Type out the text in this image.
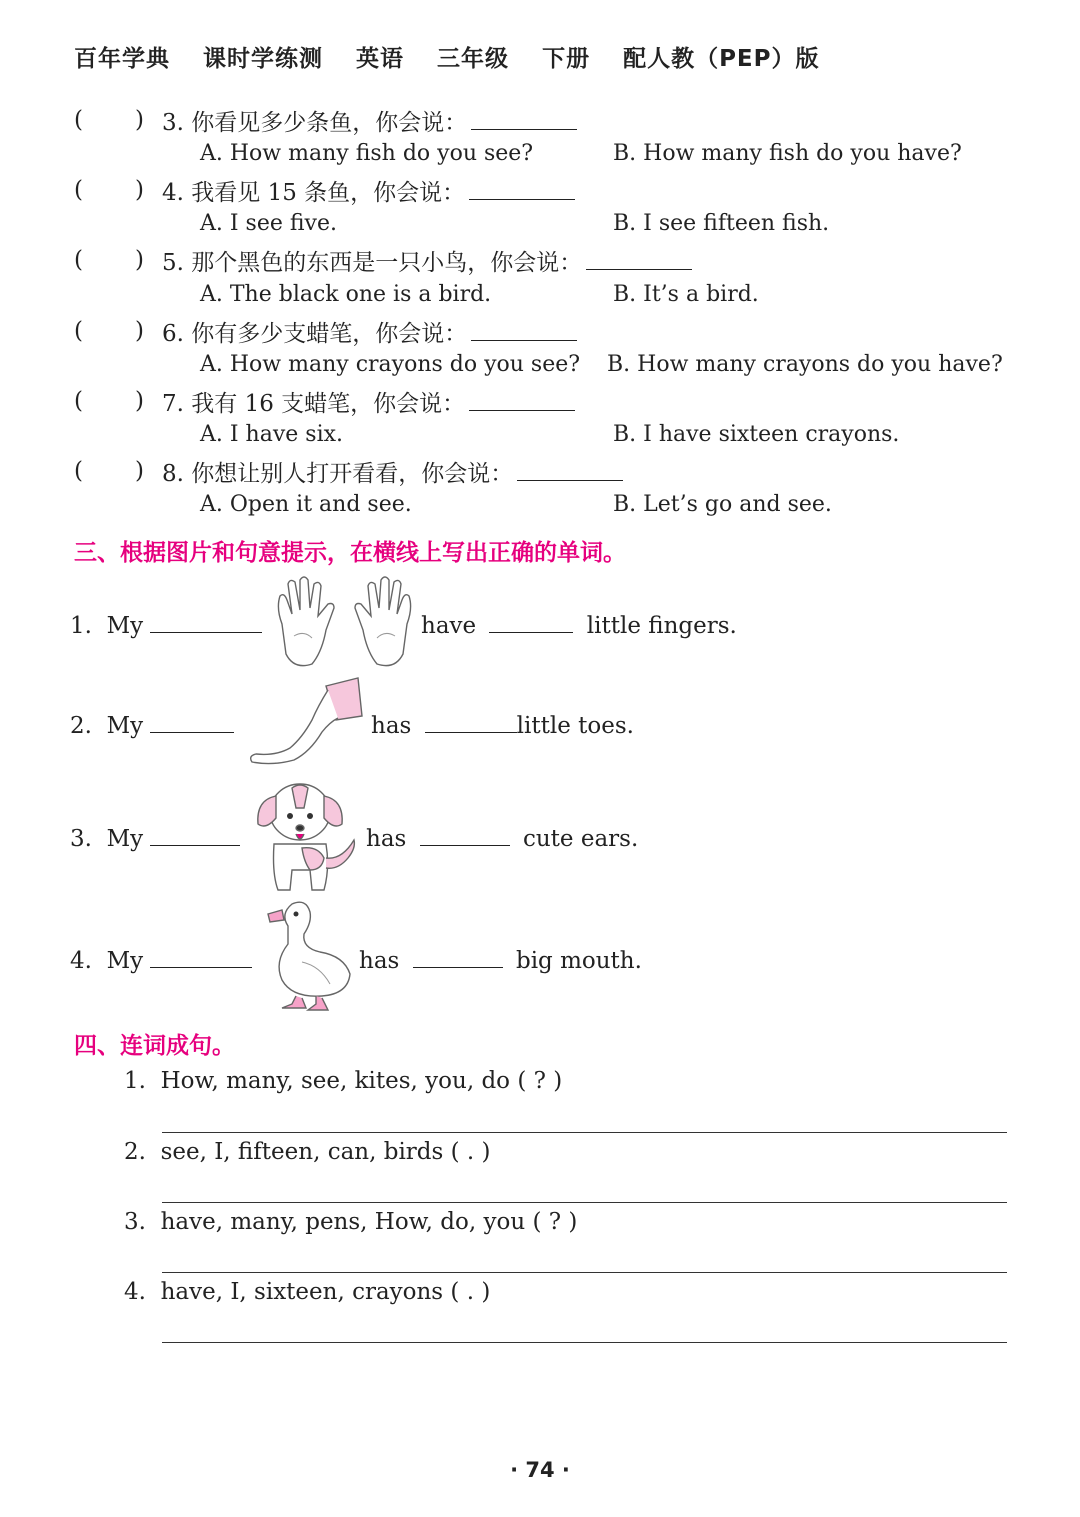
百年学典 课时学练测 英语 三年级 下册 配人教（PEP）版
( ) 3. 你看见多少条鱼，你会说：
A. How many fish do you see?	B. How many fish do you have?
( ) 4. 我看见 15 条鱼，你会说：
A. I see five.	B. I see fifteen fish.
( ) 5. 那个黑色的东西是一只小鸟，你会说：
A. The black one is a bird.	B. It’s a bird.
( ) 6. 你有多少支蜡笔，你会说：
A. How many crayons do you see? B. How many crayons do you have?
( ) 7. 我有 16 支蜡笔，你会说：
A. I have six.	B. I have sixteen crayons.
( ) 8. 你想让别人打开看看，你会说：
A. Open it and see.	B. Let’s go and see.
三、根据图片和句意提示，在横线上写出正确的单词。
1. My	have	little fingers.
2. My	has	little toes.
3. My	has	cute ears.
4. My	has	big mouth.
四、连词成句。
1. How, many, see, kites, you, do ( ? )
2. see, I, fifteen, can, birds ( . )
3. have, many, pens, How, do, you ( ? )
4. have, I, sixteen, crayons ( . )
· 74 ·
